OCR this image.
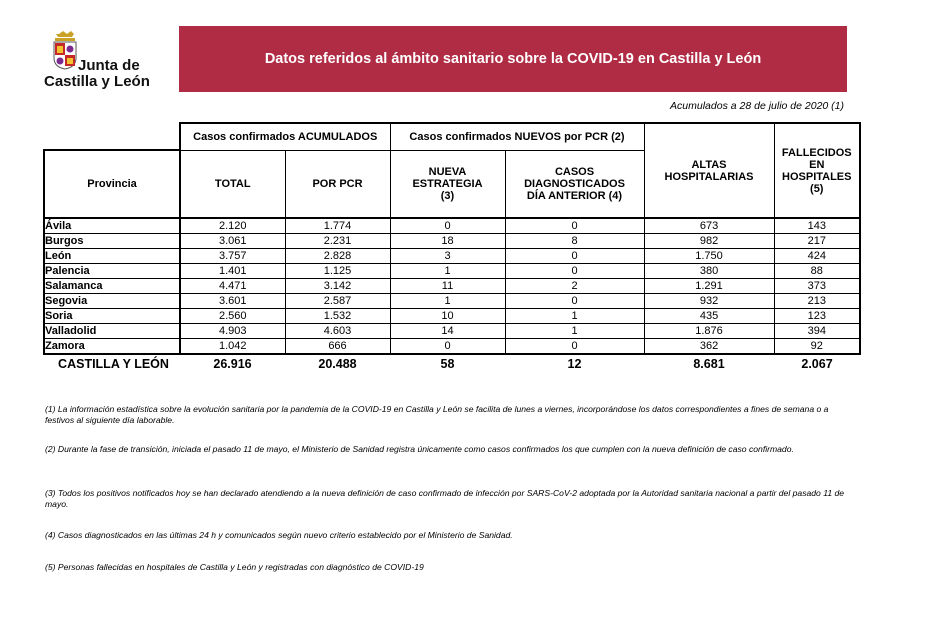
Junta de
Castilla y León
Datos referidos al ámbito sanitario sobre la COVID-19 en Castilla y León
Acumulados a 28 de julio de 2020 (1)
	Casos confirmados ACUMULADOS		Casos confirmados NUEVOS por PCR (2)		ALTAS HOSPITALARIAS	FALLECIDOS EN HOSPITALES (5)
Provincia	TOTAL	POR PCR	NUEVA ESTRATEGIA (3)	CASOS DIAGNOSTICADOS DÍA ANTERIOR (4)		
Ávila	2.120	1.774	0	0	673	143
Burgos	3.061	2.231	18	8	982	217
León	3.757	2.828	3	0	1.750	424
Palencia	1.401	1.125	1	0	380	88
Salamanca	4.471	3.142	11	2	1.291	373
Segovia	3.601	2.587	1	0	932	213
Soria	2.560	1.532	10	1	435	123
Valladolid	4.903	4.603	14	1	1.876	394
Zamora	1.042	666	0	0	362	92
CASTILLA Y LEÓN	26.916	20.488	58	12	8.681	2.067
(1) La información estadística sobre la evolución sanitaria por la pandemia de la COVID-19 en Castilla y León se facilita de lunes a viernes, incorporándose los datos correspondientes a fines de semana o a festivos al siguiente día laborable.
(2) Durante la fase de transición, iniciada el pasado 11 de mayo, el Ministerio de Sanidad registra únicamente como casos confirmados los que cumplen con la nueva definición de caso confirmado.
(3) Todos los positivos notificados hoy se han declarado atendiendo a la nueva definición de caso confirmado de infección por SARS-CoV-2 adoptada por la Autoridad sanitaria nacional a partir del pasado 11 de mayo.
(4) Casos diagnosticados en las últimas 24 h y comunicados según nuevo criterio establecido por el Ministerio de Sanidad.
(5) Personas fallecidas en hospitales de Castilla y León y registradas con diagnóstico de COVID-19
